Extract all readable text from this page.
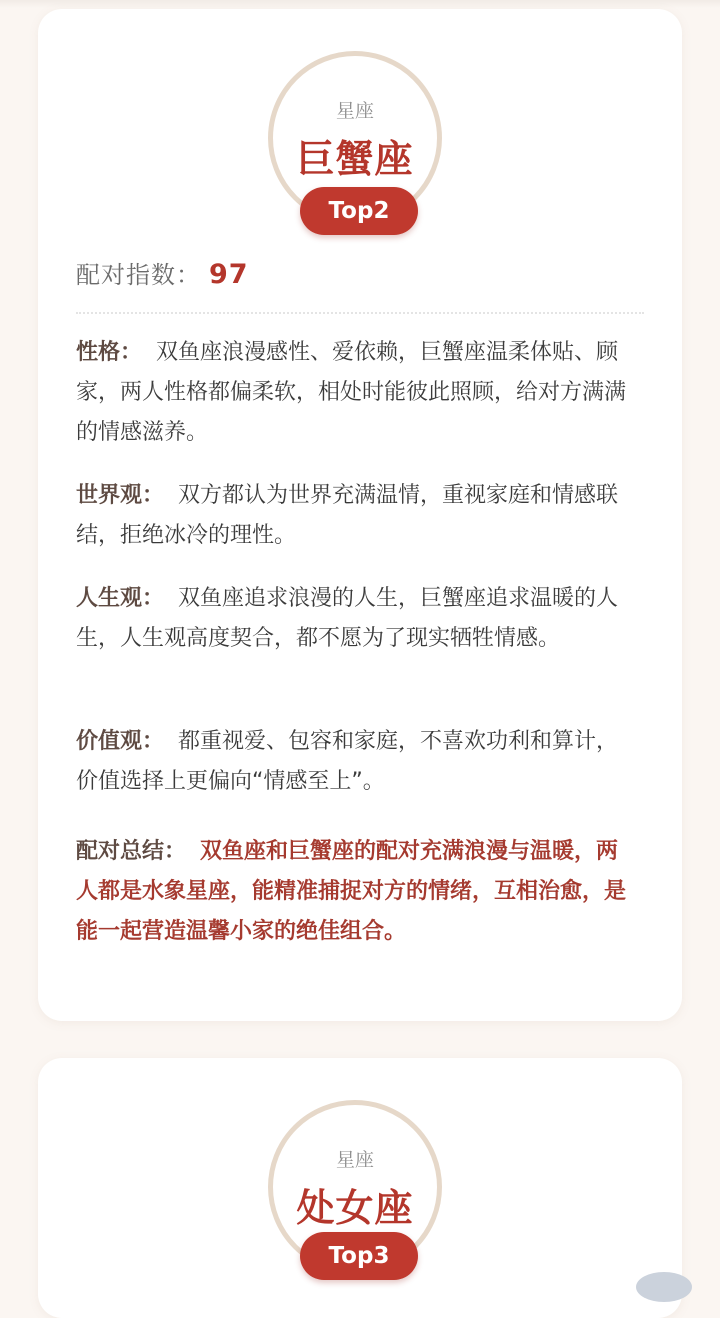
星座
巨蟹座
Top2
配对指数： 97
性格： 双鱼座浪漫感性、爱依赖，巨蟹座温柔体贴、顾家，两人性格都偏柔软，相处时能彼此照顾，给对方满满的情感滋养。
世界观： 双方都认为世界充满温情，重视家庭和情感联结，拒绝冰冷的理性。
人生观： 双鱼座追求浪漫的人生，巨蟹座追求温暖的人生，人生观高度契合，都不愿为了现实牺牲情感。
价值观： 都重视爱、包容和家庭，不喜欢功利和算计，价值选择上更偏向“情感至上”。
配对总结： 双鱼座和巨蟹座的配对充满浪漫与温暖，两人都是水象星座，能精准捕捉对方的情绪，互相治愈，是能一起营造温馨小家的绝佳组合。
星座
处女座
Top3
